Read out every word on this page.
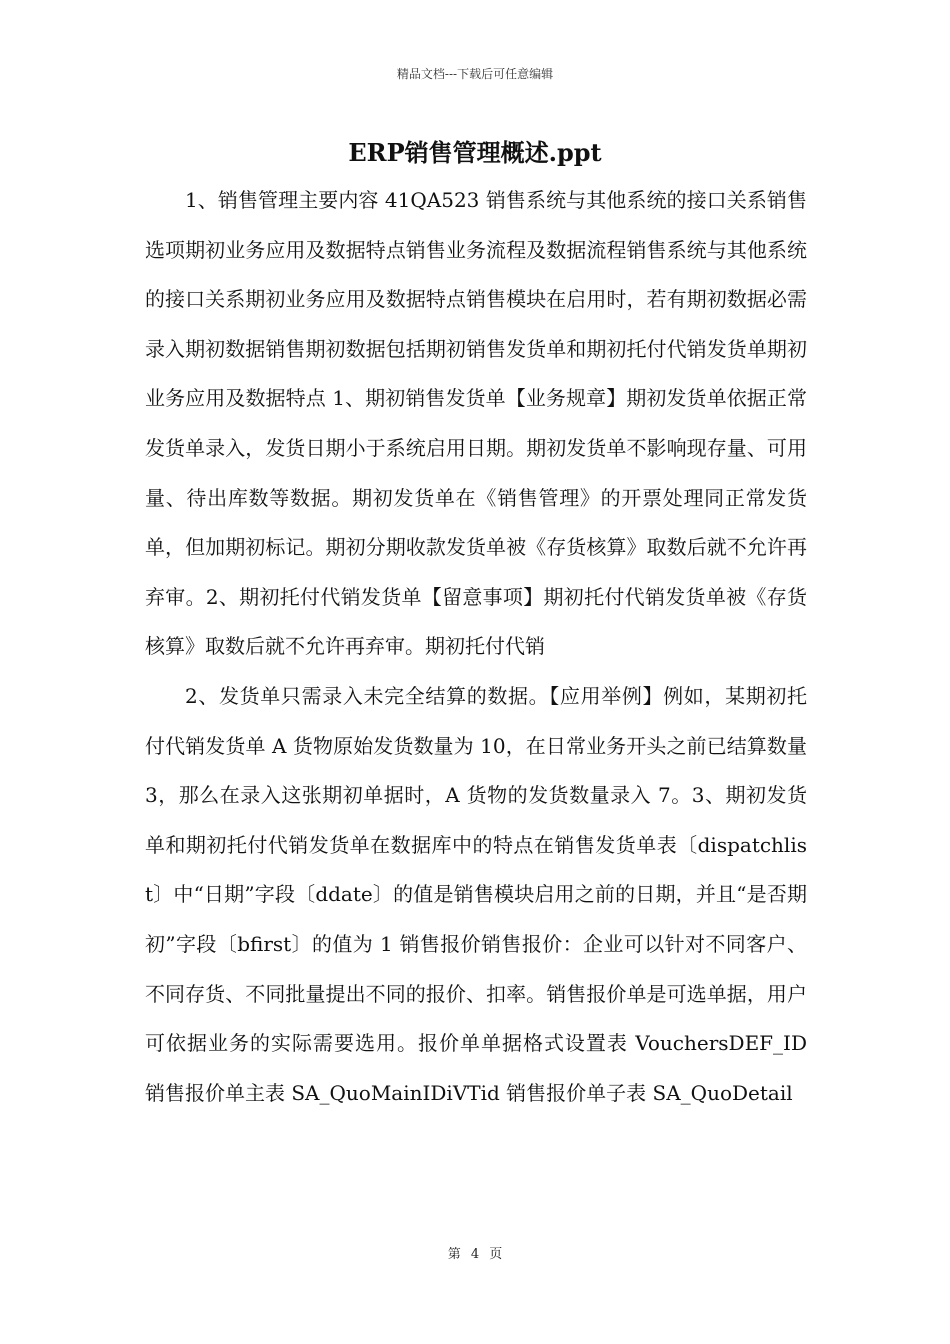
精品文档---下载后可任意编辑
ERP销售管理概述.ppt

1、销售管理主要内容 41QA523 销售系统与其他系统的接口关系销售选项期初业务应用及数据特点销售业务流程及数据流程销售系统与其他系统的接口关系期初业务应用及数据特点销售模块在启用时，若有期初数据必需录入期初数据销售期初数据包括期初销售发货单和期初托付代销发货单期初业务应用及数据特点 1、期初销售发货单【业务规章】期初发货单依据正常发货单录入，发货日期小于系统启用日期。期初发货单不影响现存量、可用量、待出库数等数据。期初发货单在《销售管理》的开票处理同正常发货单，但加期初标记。期初分期收款发货单被《存货核算》取数后就不允许再弃审。2、期初托付代销发货单【留意事项】期初托付代销发货单被《存货核算》取数后就不允许再弃审。期初托付代销

2、发货单只需录入未完全结算的数据。【应用举例】例如，某期初托付代销发货单 A 货物原始发货数量为 10，在日常业务开头之前已结算数量 3，那么在录入这张期初单据时，A 货物的发货数量录入 7。3、期初发货单和期初托付代销发货单在数据库中的特点在销售发货单表〔dispatchlist〕中“日期”字段〔ddate〕的值是销售模块启用之前的日期，并且“是否期初”字段〔bfirst〕的值为 1 销售报价销售报价：企业可以针对不同客户、不同存货、不同批量提出不同的报价、扣率。销售报价单是可选单据，用户可依据业务的实际需要选用。报价单单据格式设置表 VouchersDEF_ID 销售报价单主表 SA_QuoMainIDiVTid 销售报价单子表 SA_QuoDetail

第 4 页
